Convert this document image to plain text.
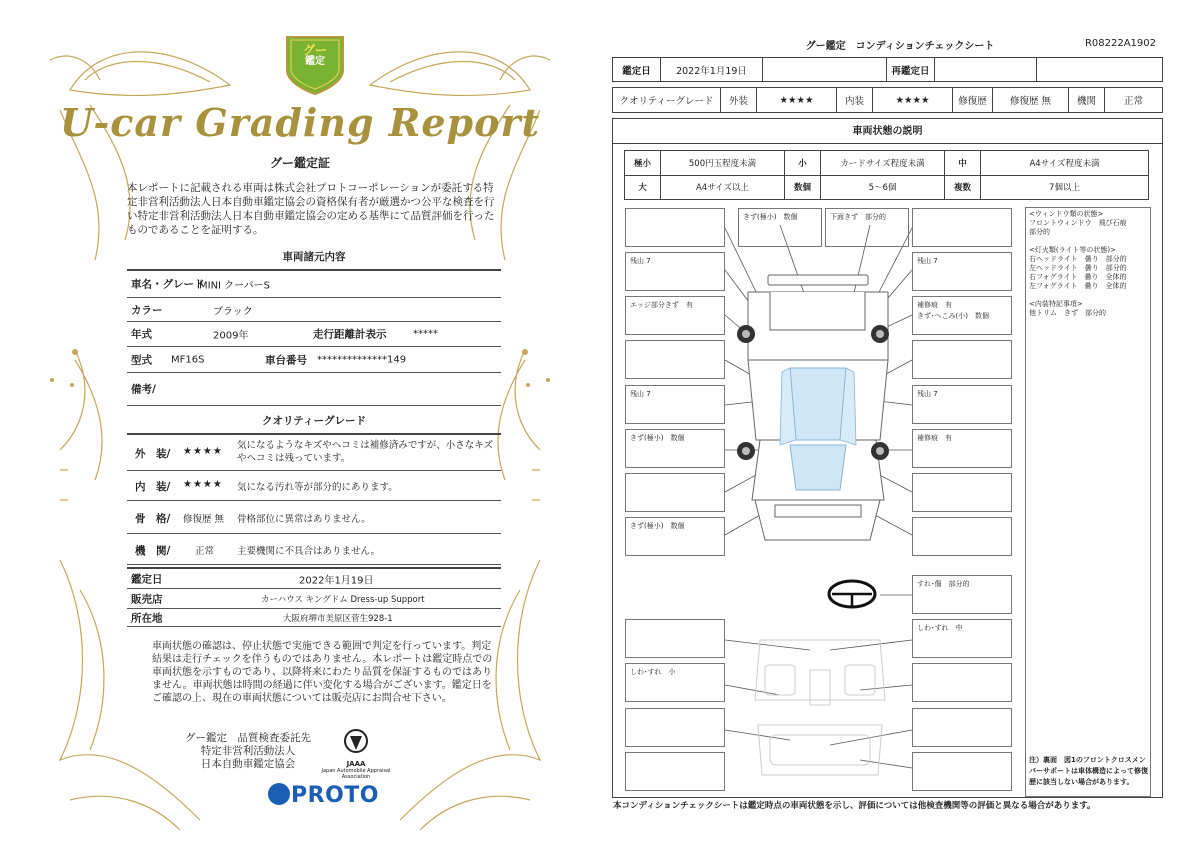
グー
鑑定
U-car Grading Report
グー鑑定証
本レポートに記載される車両は株式会社プロトコーポレーションが委託する特定非営利活動法人日本自動車鑑定協会の資格保有者が厳選かつ公平な検査を行い特定非営利活動法人日本自動車鑑定協会の定める基準にて品質評価を行ったものであることを証明する。
車両諸元内容
車名・グレード
MINI クーパーS
カラー	ブラック
年式	2009年	走行距離計表示	*****
型式 MF16S	車台番号 **************149
備考/
クオリティーグレード
外　装/ ★★★★
気になるようなキズやヘコミは補修済みですが、小さなキズやヘコミは残っています。
内　装/ ★★★★ 気になる汚れ等が部分的にあります。
骨　格/ 修復歴 無 骨格部位に異常はありません。
機　関/	正常 主要機関に不具合はありません。
鑑定日	2022年1月19日
販売店	カーハウス キングドム Dress-up Support
所在地	大阪府堺市美原区菅生928-1
車両状態の確認は、停止状態で実施できる範囲で判定を行っています。判定結果は走行チェックを伴うものではありません。本レポートは鑑定時点での車両状態を示すものであり、以降将来にわたり品質を保証するものではありません。車両状態は時間の経過に伴い変化する場合がございます。鑑定日をご確認の上、現在の車両状態については販売店にお問合せ下さい。
グー鑑定　品質検査委託先
特定非営利活動法人
日本自動車鑑定協会	JAAA
Japan Automobile Appraisal Association
PROTO
グー鑑定　コンディションチェックシート	R08222A1902
鑑定日	2022年1月19日		再鑑定日		
クオリティーグレード	外装	★★★★	内装	★★★★	修復歴	修復歴 無	機関	正常
車両状態の説明
極小	500円玉程度未満	小	カードサイズ程度未満	中	A4サイズ程度未満
大	A4サイズ以上	数個	5～6個	複数	7個以上
残山 7
エッジ部分きず　有
残山 7
きず(極小)　数個
きず(極小)　数個
しわ･すれ　小
きず(極小)　数個	下面きず　部分的
残山 7
補修痕　有
きず･へこみ(小)　数個
残山 7
補修痕　有
すれ･傷　部分的
しわ･すれ　中

<ウィンドウ類の状態>
フロントウィンドウ　飛び石痕
部分的

<灯火類(ライト等の状態)>
右ヘッドライト　曇り　部分的
左ヘッドライト　曇り　部分的
右フォグライト　曇り　全体的
左フォグライト　曇り　全体的

<内装特記事項>
他トリム　きず　部分的

注）裏面　図1のフロントクロスメンバーサポートは車体構造によって修復歴に該当しない場合があります。
本コンディションチェックシートは鑑定時点の車両状態を示し、評価については他検査機関等の評価と異なる場合があります。
